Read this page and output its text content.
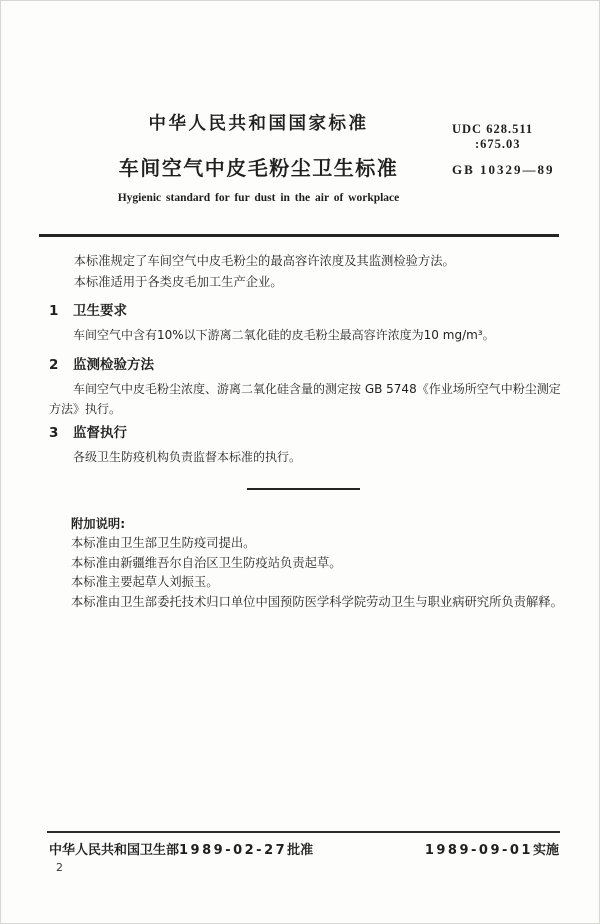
中华人民共和国国家标准
车间空气中皮毛粉尘卫生标准
Hygienic standard for fur dust in the air of workplace
UDC 628.511
:675.03
GB 10329—89

本标准规定了车间空气中皮毛粉尘的最高容许浓度及其监测检验方法。

本标准适用于各类皮毛加工生产企业。

1 卫生要求
车间空气中含有10%以下游离二氧化硅的皮毛粉尘最高容许浓度为10 mg/m³。
2 监测检验方法
车间空气中皮毛粉尘浓度、游离二氧化硅含量的测定按 GB 5748《作业场所空气中粉尘测定方法》执行。
3 监督执行
各级卫生防疫机构负责监督本标准的执行。
附加说明:
本标准由卫生部卫生防疫司提出。
本标准由新疆维吾尔自治区卫生防疫站负责起草。
本标准主要起草人刘振玉。
本标准由卫生部委托技术归口单位中国预防医学科学院劳动卫生与职业病研究所负责解释。
中华人民共和国卫生部1989-02-27批准	1989-09-01实施
2
